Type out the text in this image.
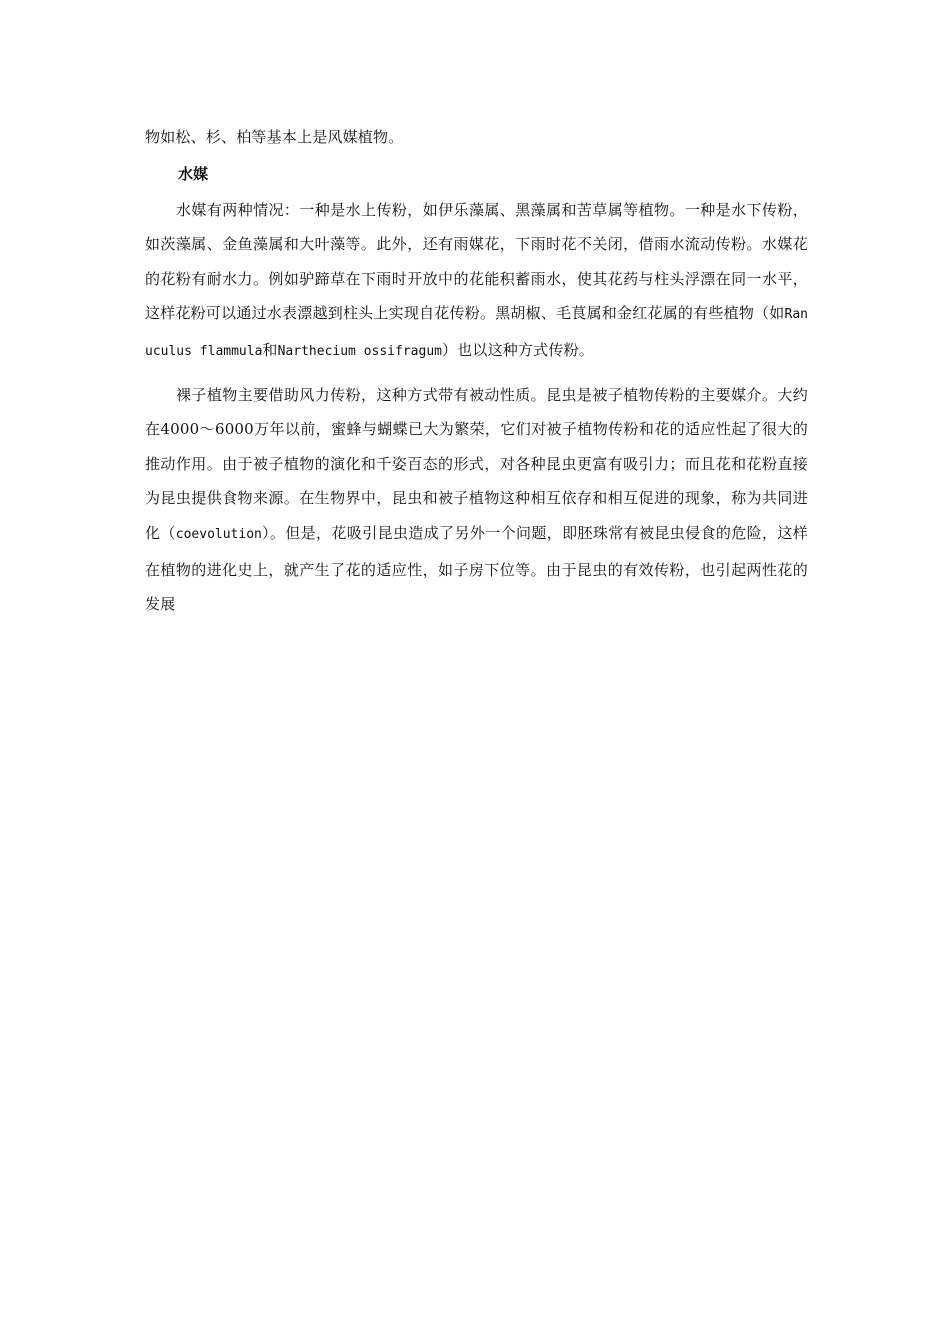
物如松、杉、柏等基本上是风媒植物。

水媒

水媒有两种情况：一种是水上传粉，如伊乐藻属、黑藻属和苦草属等植物。一种是水下传粉，如茨藻属、金鱼藻属和大叶藻等。此外，还有雨媒花，下雨时花不关闭，借雨水流动传粉。水媒花的花粉有耐水力。例如驴蹄草在下雨时开放中的花能积蓄雨水，使其花药与柱头浮漂在同一水平，这样花粉可以通过水表漂越到柱头上实现自花传粉。黑胡椒、毛茛属和金红花属的有些植物（如Ranuculus flammula和Narthecium ossifragum）也以这种方式传粉。

裸子植物主要借助风力传粉，这种方式带有被动性质。昆虫是被子植物传粉的主要媒介。大约在4000～6000万年以前，蜜蜂与蝴蝶已大为繁荣，它们对被子植物传粉和花的适应性起了很大的推动作用。由于被子植物的演化和千姿百态的形式，对各种昆虫更富有吸引力；而且花和花粉直接为昆虫提供食物来源。在生物界中，昆虫和被子植物这种相互依存和相互促进的现象，称为共同进化（coevolution）。但是，花吸引昆虫造成了另外一个问题，即胚珠常有被昆虫侵食的危险，这样在植物的进化史上，就产生了花的适应性，如子房下位等。由于昆虫的有效传粉，也引起两性花的发展
